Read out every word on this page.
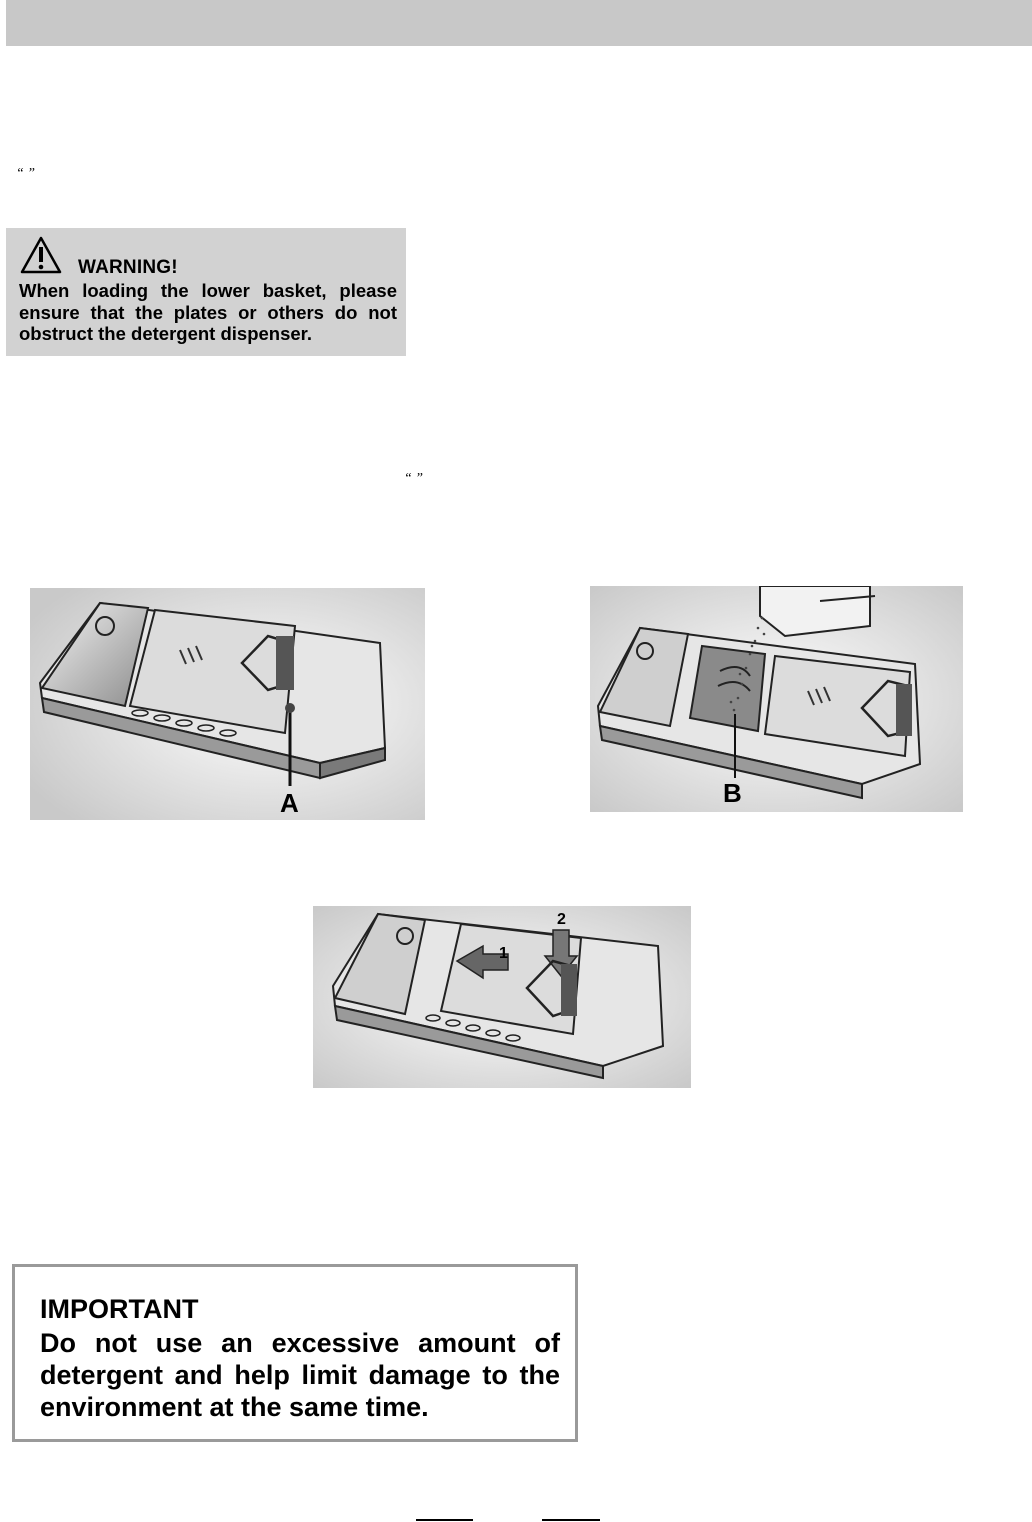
“ ”
WARNING!
When loading the lower basket, please ensure that the plates or others do not obstruct the detergent dispenser.
“ ”
A	B
1
2
IMPORTANT
Do not use an excessive amount of detergent and help limit damage to the environment at the same time.
